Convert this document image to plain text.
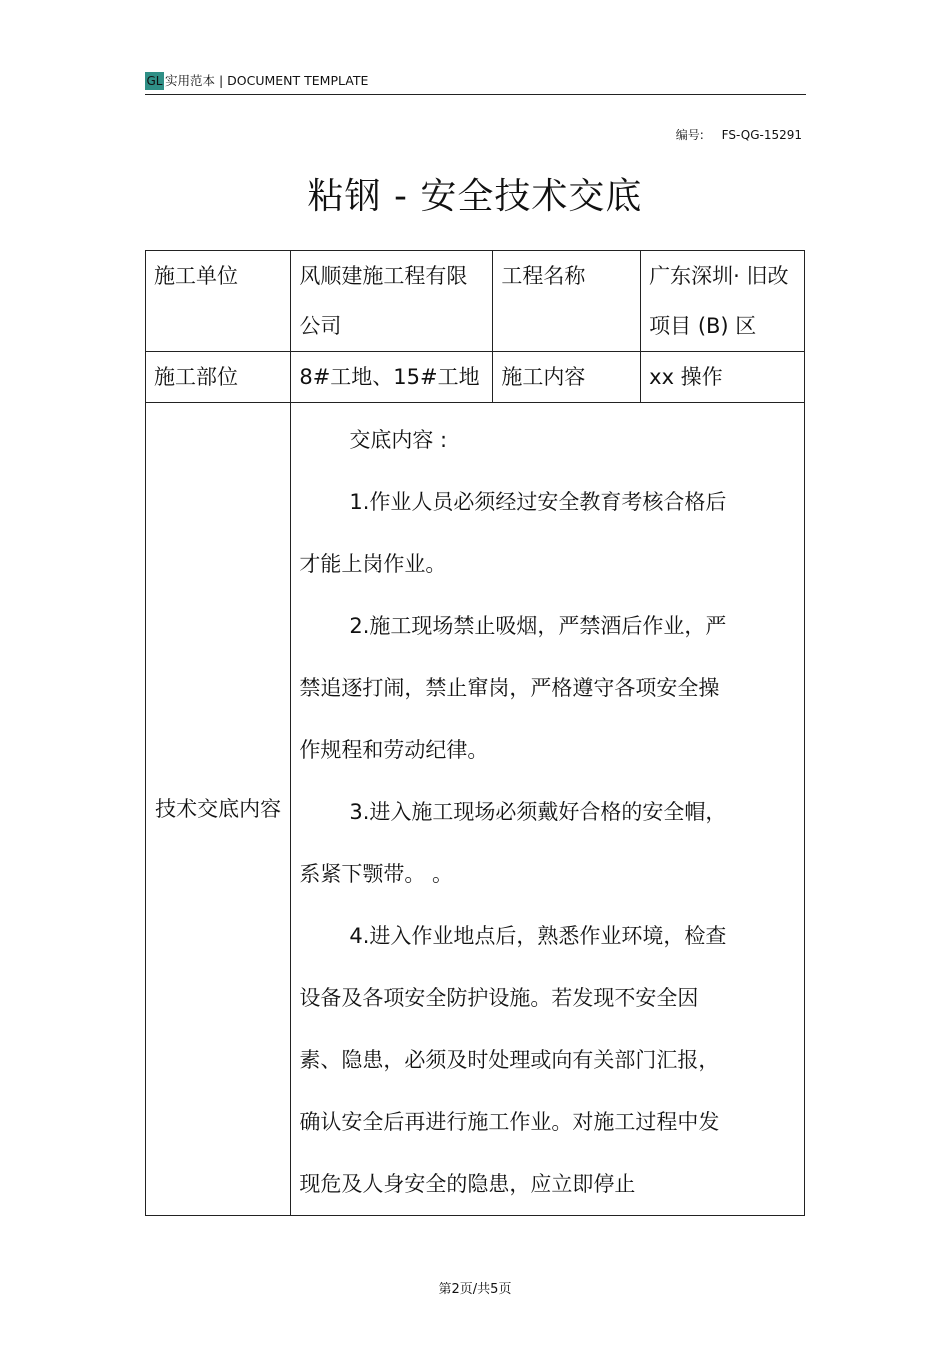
GL 实用范本 | DOCUMENT TEMPLATE
编号: FS-QG-15291
粘钢 - 安全技术交底
施工单位	风顺建施工程有限公司	工程名称	广东深圳· 旧改项目 (B) 区
施工部位	8#工地、15#工地	施工内容	xx 操作
技术交底内容	交底内容 :

1.作业人员必须经过安全教育考核合格后才能上岗作业。

2.施工现场禁止吸烟，严禁酒后作业，严禁追逐打闹，禁止窜岗，严格遵守各项安全操作规程和劳动纪律。

3.进入施工现场必须戴好合格的安全帽，系紧下颚带。 。

4.进入作业地点后，熟悉作业环境，检查设备及各项安全防护设施。若发现不安全因素、隐患，必须及时处理或向有关部门汇报，确认安全后再进行施工作业。对施工过程中发现危及人身安全的隐患，应立即停止		

第2页/共5页
